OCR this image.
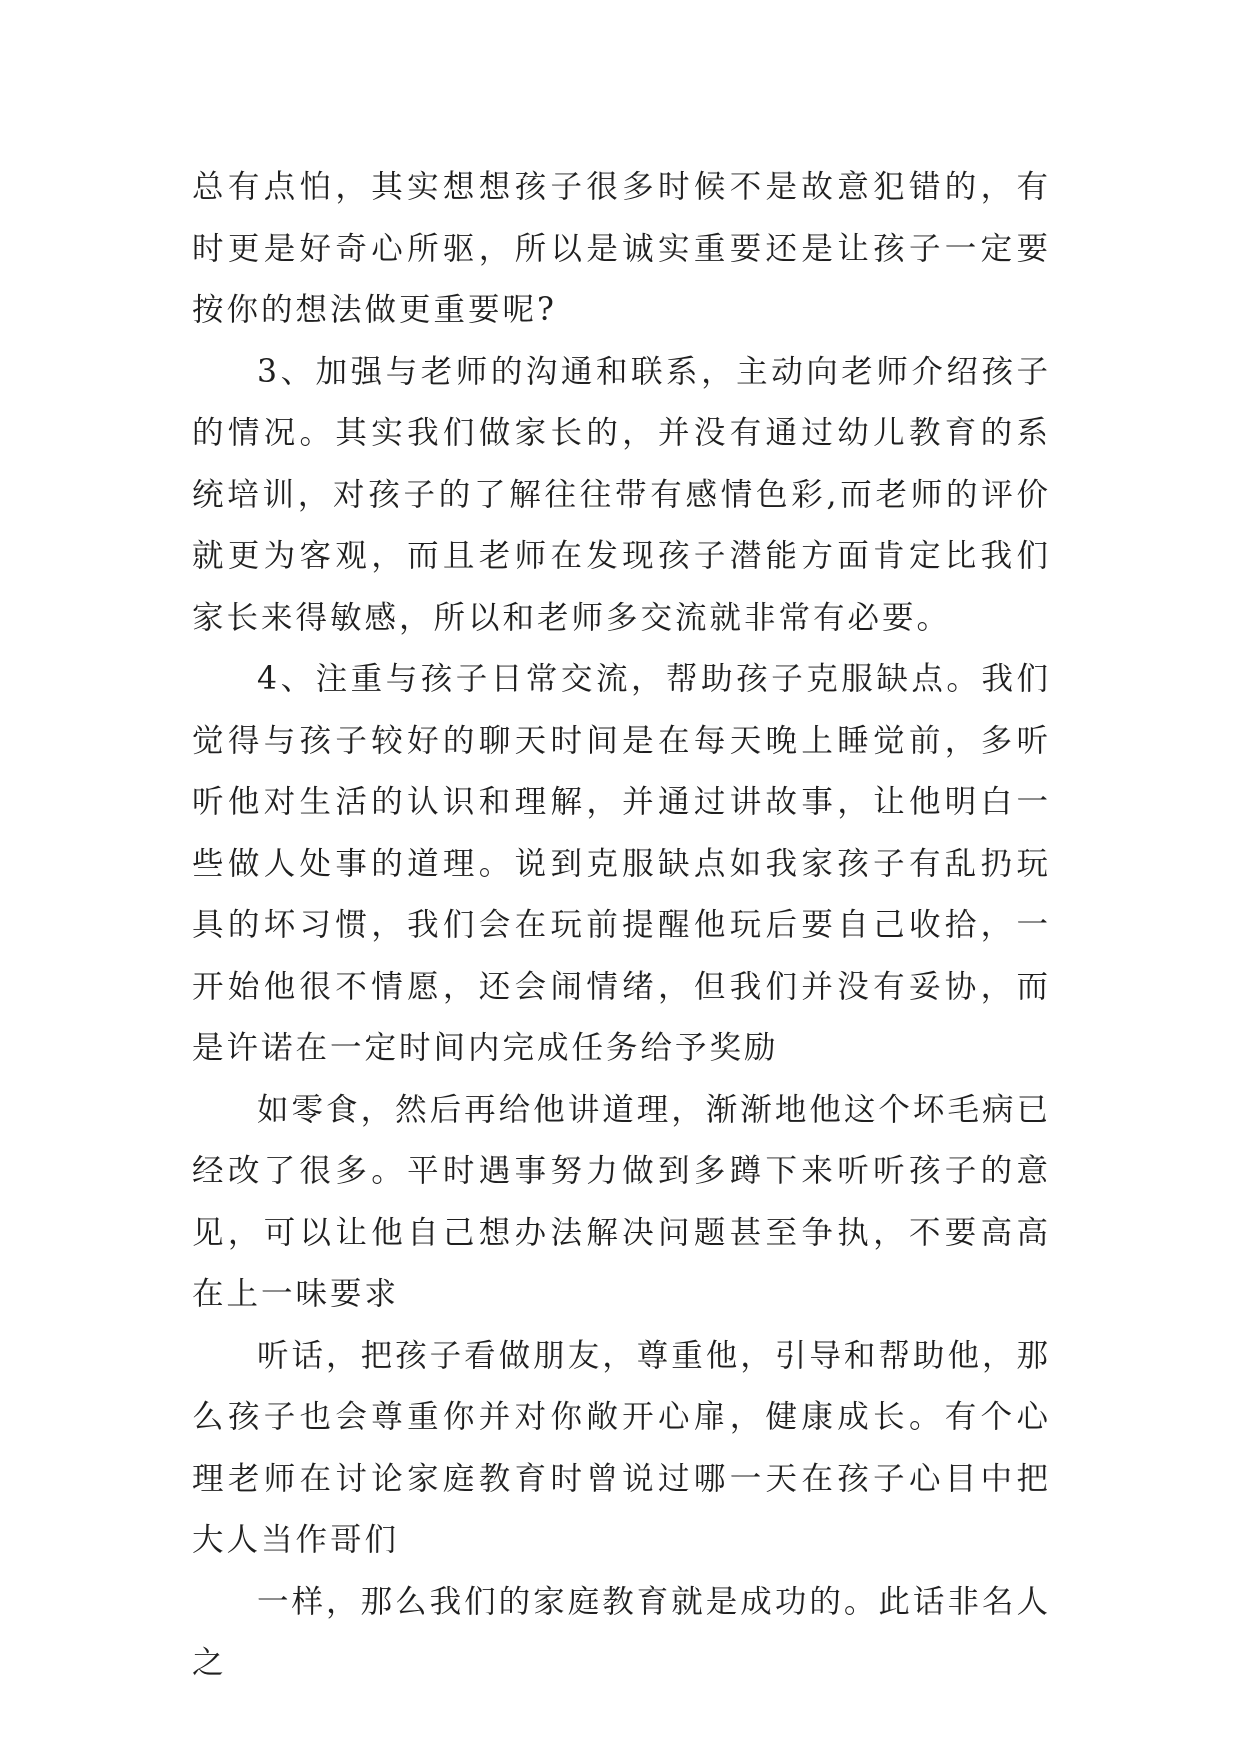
总有点怕，其实想想孩子很多时候不是故意犯错的，有时更是好奇心所驱，所以是诚实重要还是让孩子一定要按你的想法做更重要呢?

3、加强与老师的沟通和联系，主动向老师介绍孩子的情况。其实我们做家长的，并没有通过幼儿教育的系统培训，对孩子的了解往往带有感情色彩,而老师的评价就更为客观，而且老师在发现孩子潜能方面肯定比我们家长来得敏感，所以和老师多交流就非常有必要。

4、注重与孩子日常交流，帮助孩子克服缺点。我们觉得与孩子较好的聊天时间是在每天晚上睡觉前，多听听他对生活的认识和理解，并通过讲故事，让他明白一些做人处事的道理。说到克服缺点如我家孩子有乱扔玩具的坏习惯，我们会在玩前提醒他玩后要自己收拾，一开始他很不情愿，还会闹情绪，但我们并没有妥协，而是许诺在一定时间内完成任务给予奖励

如零食，然后再给他讲道理，渐渐地他这个坏毛病已经改了很多。平时遇事努力做到多蹲下来听听孩子的意见，可以让他自己想办法解决问题甚至争执，不要高高在上一味要求

听话，把孩子看做朋友，尊重他，引导和帮助他，那么孩子也会尊重你并对你敞开心扉，健康成长。有个心理老师在讨论家庭教育时曾说过哪一天在孩子心目中把大人当作哥们

一样，那么我们的家庭教育就是成功的。此话非名人之
